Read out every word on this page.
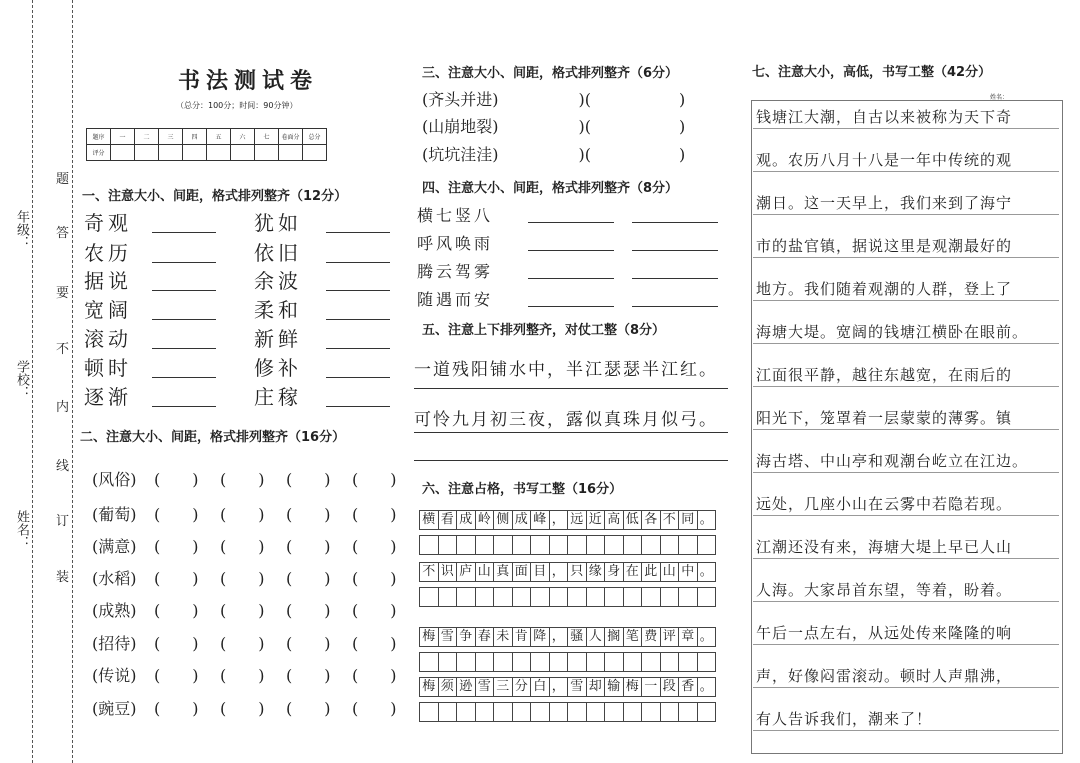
年级：
学校：
姓名：
题
答
要
不
内
线
订
装
书法测试卷
（总分：100分；时间：90分钟）
题序	一	二	三	四	五	六	七	卷面分	总分
评分									
一、注意大小、间距，格式排列整齐（12分）
奇观	犹如
农历	依旧
据说	余波
宽阔	柔和
滚动	新鲜
顿时	修补
逐渐	庄稼
二、注意大小、间距，格式排列整齐（16分）
(风俗) (　　) (　　) (　　) (　　)
(葡萄) (　　) (　　) (　　) (　　)
(满意) (　　) (　　) (　　) (　　)
(水稻) (　　) (　　) (　　) (　　)
(成熟) (　　) (　　) (　　) (　　)
(招待) (　　) (　　) (　　) (　　)
(传说) (　　) (　　) (　　) (　　)
(豌豆) (　　) (　　) (　　) (　　)
三、注意大小、间距，格式排列整齐（6分）
(齐头并进)	)(	)
(山崩地裂)	)(	)
(坑坑洼洼)	)(	)
四、注意大小、间距，格式排列整齐（8分）
横七竖八
呼风唤雨
腾云驾雾
随遇而安
五、注意上下排列整齐，对仗工整（8分）
一道残阳铺水中，半江瑟瑟半江红。
可怜九月初三夜，露似真珠月似弓。
六、注意占格，书写工整（16分）
横 看 成 岭 侧 成 峰 ， 远 近 高 低 各 不 同 。
不 识 庐 山 真 面 目 ， 只 缘 身 在 此 山 中 。
梅 雪 争 春 未 肯 降 ， 骚 人 搁 笔 费 评 章 。
梅 须 逊 雪 三 分 白 ， 雪 却 输 梅 一 段 香 。
七、注意大小，高低，书写工整（42分）
姓名：
钱塘江大潮，自古以来被称为天下奇
观。农历八月十八是一年中传统的观
潮日。这一天早上，我们来到了海宁
市的盐官镇，据说这里是观潮最好的
地方。我们随着观潮的人群，登上了
海塘大堤。宽阔的钱塘江横卧在眼前。
江面很平静，越往东越宽，在雨后的
阳光下，笼罩着一层蒙蒙的薄雾。镇
海古塔、中山亭和观潮台屹立在江边。
远处，几座小山在云雾中若隐若现。
江潮还没有来，海塘大堤上早已人山
人海。大家昂首东望，等着，盼着。
午后一点左右，从远处传来隆隆的响
声，好像闷雷滚动。顿时人声鼎沸，
有人告诉我们，潮来了！
